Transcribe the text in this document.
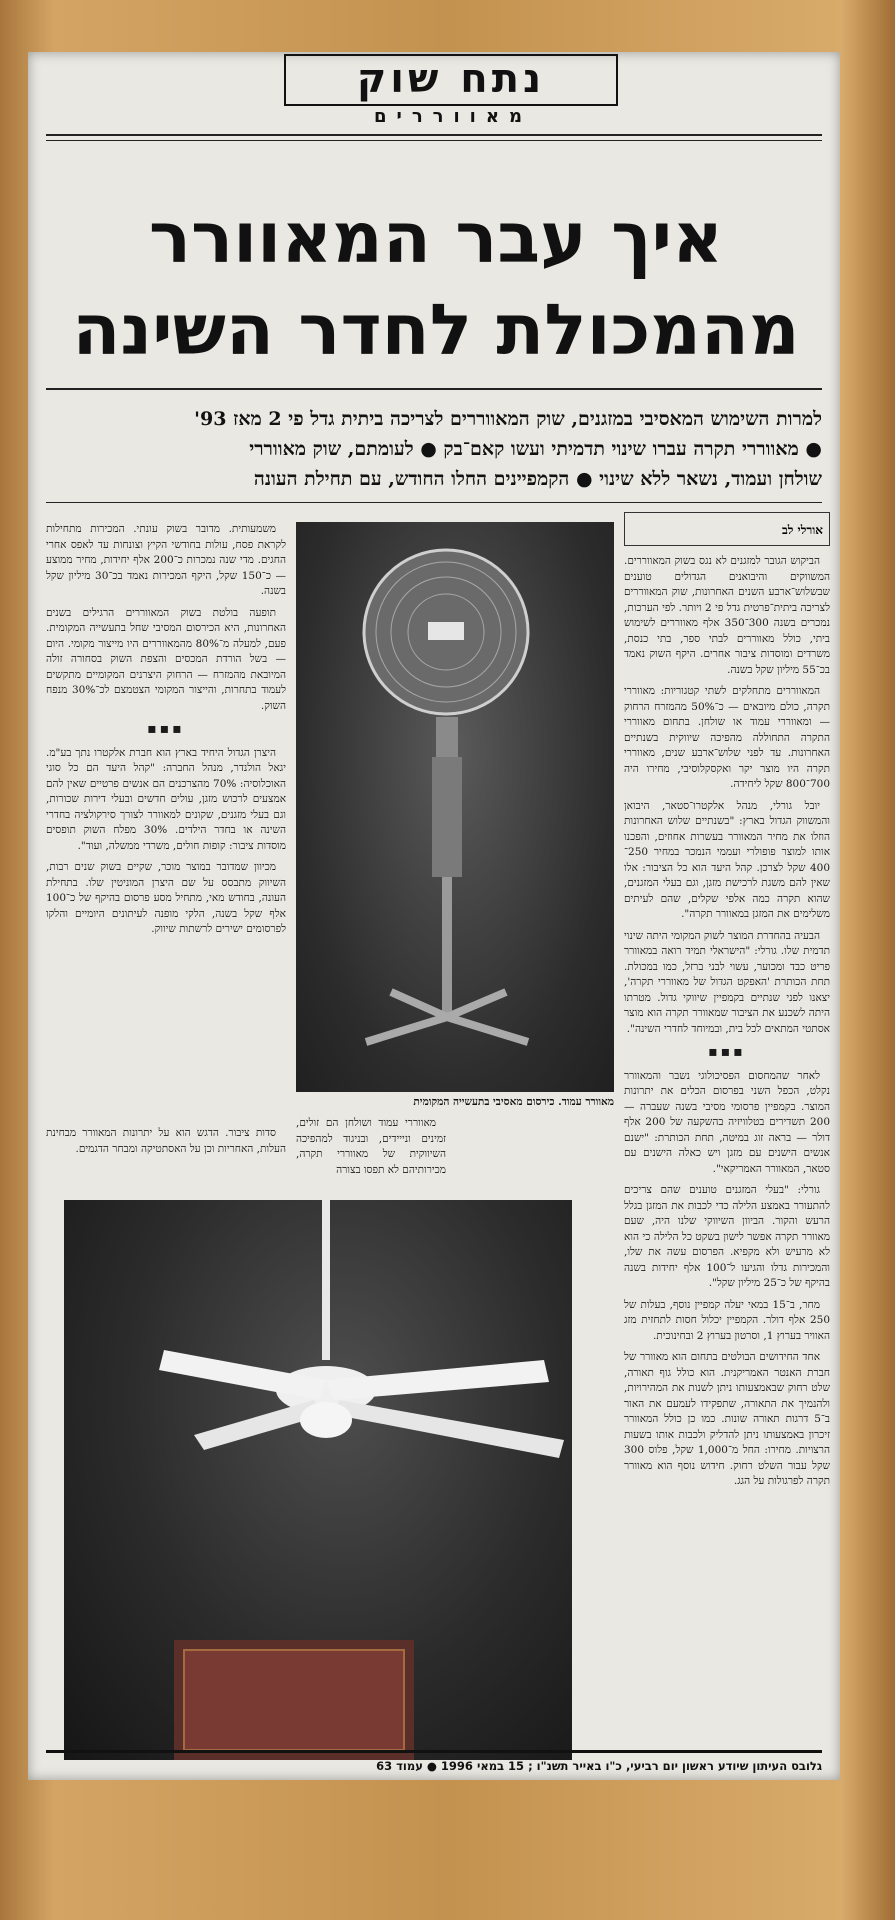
נתח שוק
מאווררים
איך עבר המאוורר
מהמכולת לחדר השינה
למרות השימוש המאסיבי במזגנים, שוק המאווררים לצריכה ביתית גדל פי 2 מאז 93'
● מאווררי תקרה עברו שינוי תדמיתי ועשו קאם־בק ● לעומתם, שוק מאווררי
שולחן ועמוד, נשאר ללא שינוי ● הקמפיינים החלו החודש, עם תחילת העונה
אורלי לב

הביקוש הגובר למזגנים לא נגס בשוק המאווררים. המשווקים והיבואנים הגדולים טוענים שבשלוש־ארבע השנים האחרונות, שוק המאווררים לצריכה ביתית־פרטית גדל פי 2 ויותר. לפי הערכות, נמכרים בשנה 300־350 אלף מאווררים לשימוש ביתי, כולל מאווררים לבתי ספר, בתי כנסת, משרדים ומוסדות ציבור אחרים. היקף השוק נאמד בכ־55 מיליון שקל בשנה.

המאווררים מתחלקים לשתי קטגוריות: מאווררי תקרה, כולם מיובאים — כ־50% מהמזרח הרחוק — ומאווררי עמוד או שולחן. בתחום מאווררי התקרה התחוללה מהפיכה שיווקית בשנתיים האחרונות. עד לפני שלוש־ארבע שנים, מאווררי תקרה היו מוצר יקר ואקסקלוסיבי, מחירו היה 700־800 שקל ליחידה.

יובל גורלי, מנהל אלקטרו־סטאר, היבואן והמשווק הגדול בארץ: "בשנתיים שלוש האחרונות הוזלו את מחיר המאוורר בעשרות אחוזים, והפכנו אותו למוצר פופולרי ועממי הנמכר במחיר 250־400 שקל לצרכן. קהל היעד הוא כל הציבור: אלו שאין להם משגת לרכישת מזגן, וגם בעלי המזגנים, שהוא תקרה כמה אלפי שקלים, שהם לעיתים משלימים את המזגן במאוורר תקרה".

הבעיה בהחדרת המוצר לשוק המקומי היתה שינוי תדמית שלו. גורלי: "הישראלי תמיד רואה במאוורר פריט כבד ומכוער, עשוי לבני ברזל, כמו במכולת. תחת הכותרת 'האפקט הגדול של מאווררי תקרה', יצאנו לפני שנתיים בקמפיין שיווקי גדול. מטרתו היתה לשכנע את הציבור שמאוורר תקרה הוא מוצר אסתטי המתאים לכל בית, ובמיוחד לחדרי השינה".

▪▪▪

לאחר שהמחסום הפסיכולוגי נשבר והמאוורר נקלט, הכפל השני בפרסום הכלים את יתרונות המוצר. בקמפיין פרסומי מסיבי בשנה שעברה — 200 תשדירים בטלוויזיה בהשקעה של 200 אלף דולר — בראה זוג במיטה, תחת הכותרת: "ישנם אנשים הישנים עם מזגן ויש כאלה הישנים עם סטאר, המאוורר האמריקאי".

גורלי: "בעלי המזגנים טוענים שהם צריכים להתעורר באמצע הלילה כדי לכבות את המזגן בגלל הרעש והקור. הביוון השיווקי שלנו היה, שעם מאוורר תקרה אפשר לישון בשקט כל הלילה כי הוא לא מרעיש ולא מקפיא. הפרסום עשה את שלו, והמכירות גדלו והגיעו ל־100 אלף יחידות בשנה בהיקף של כ־25 מיליון שקל".

מחר, ב־15 במאי יעלה קמפיין נוסף, בעלות של 250 אלף דולר. הקמפיין יכלול חסות לתחזית מזג האוויר בערוץ 1, וסרטון בערוץ 2 ובחינוכית.

אחד החידושים הבולטים בתחום הוא מאוורר של חברת האנטר האמריקנית. הוא כולל גוף תאורה, שלט רחוק שבאמצעותו ניתן לשנות את המהירויות, ולהנמיך את התאורה, שתפקידו לעמעם את האור ב־5 דרגות תאורה שונות. כמו כן כולל המאוורר זיכרון באמצעותו ניתן להדליק ולכבות אותו בשעות הרצויות. מחירו: החל מ־1,000 שקל, פלוס 300 שקל עבור השלט רחוק. חידוש נוסף הוא מאוורר תקרה לפרגולות על הגג.

מאוורר עמוד. כירסום מאסיבי בתעשייה המקומית

משמעותית. מדובר בשוק עונתי. המכירות מתחילות לקראת פסח, עולות בחודשי הקיץ וצונחות עד לאפס אחרי החגים. מדי שנה נמכרות כ־200 אלף יחידות, מחיר ממוצע — כ־150 שקל, היקף המכירות נאמד בכ־30 מיליון שקל בשנה.

תופעה בולטת בשוק המאווררים הרגילים בשנים האחרונות, היא הכירסום המסיבי שחל בתעשייה המקומית. פעם, למעלה מ־80% מהמאווררים היו מייצור מקומי. היום — בשל הורדת המכסים והצפת השוק בסחורה זולה המיובאת מהמזרח — הרחוק היצרנים המקומיים מתקשים לעמוד בתחרות, והייצור המקומי הצטמצם לכ־30% מנפח השוק.

▪▪▪

היצרן הגדול היחיד בארץ הוא חברת אלקטרו נתך בע"מ. יגאל הולנדר, מנהל החברה: "קהל היעד הם כל סוגי האוכלוסיה: 70% מהצרכנים הם אנשים פרטיים שאין להם אמצעים לרכוש מזגן, עולים חדשים ובעלי דירות שכורות, וגם בעלי מזגנים, שקונים למאוורר לצורך סירקולציה בחדרי השינה או בחדר הילדים. 30% מפלח השוק תופסים מוסדות ציבור: קופות חולים, משרדי ממשלה, ועוד".

מכיוון שמדובר במוצר מוכר, שקיים בשוק שנים רבות, השיווק מתבסס על שם היצרן המוניטין שלו. בתחילת העונה, בחודש מאי, מתחיל מסע פרסום בהיקף של כ־100 אלף שקל בשנה, הלקי מופנה לעיתונים היומיים והלקו לפרסומים ישירים לרשתות שיווק.

מאווררי עמוד ושולחן הם זולים, זמינים ונייידים, ובניגוד למהפיכה השיווקית של מאווררי תקרה, מכירותיהם לא תפסו בצורה

סדות ציבור. הדגש הוא על יתרונות המאוורר מבחינת העלות, האחריות וכן על האסתטיקה ומבחר הדגמים.

גלובס העיתון שיודע ראשון יום רביעי, כ"ו באייר תשנ"ו ; 15 במאי 1996 ● עמוד 63
